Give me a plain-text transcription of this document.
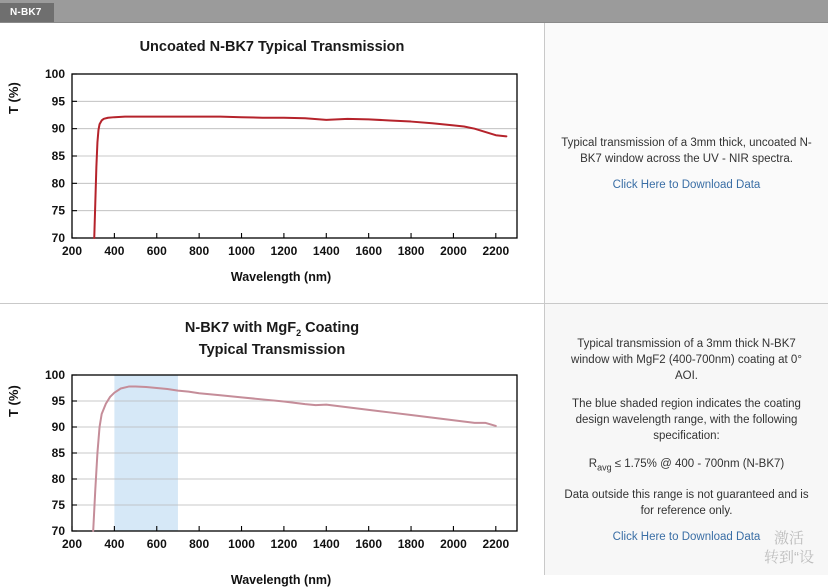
N-BK7
Uncoated N-BK7 Typical Transmission
T (%)
70
75
80
85
90
95
100
200 400 600 800 1000 1200 1400 1600 1800 2000 2200
Wavelength (nm)

Typical transmission of a 3mm thick, uncoated N-BK7 window across the UV - NIR spectra.

Click Here to Download Data
N-BK7 with MgF$_2$ Coating
Typical Transmission
T (%)
70
75
80
85
90
95
100
200 400 600 800 1000 1200 1400 1600 1800 2000 2200
Wavelength (nm)

Typical transmission of a 3mm thick N-BK7 window with MgF2 (400-700nm) coating at 0° AOI.

The blue shaded region indicates the coating design wavelength range, with the following specification:

$R_{avg} \le 1.75\%$ @ 400 - 700nm (N-BK7)

Data outside this range is not guaranteed and is for reference only.

Click Here to Download Data 激活
转到“设
